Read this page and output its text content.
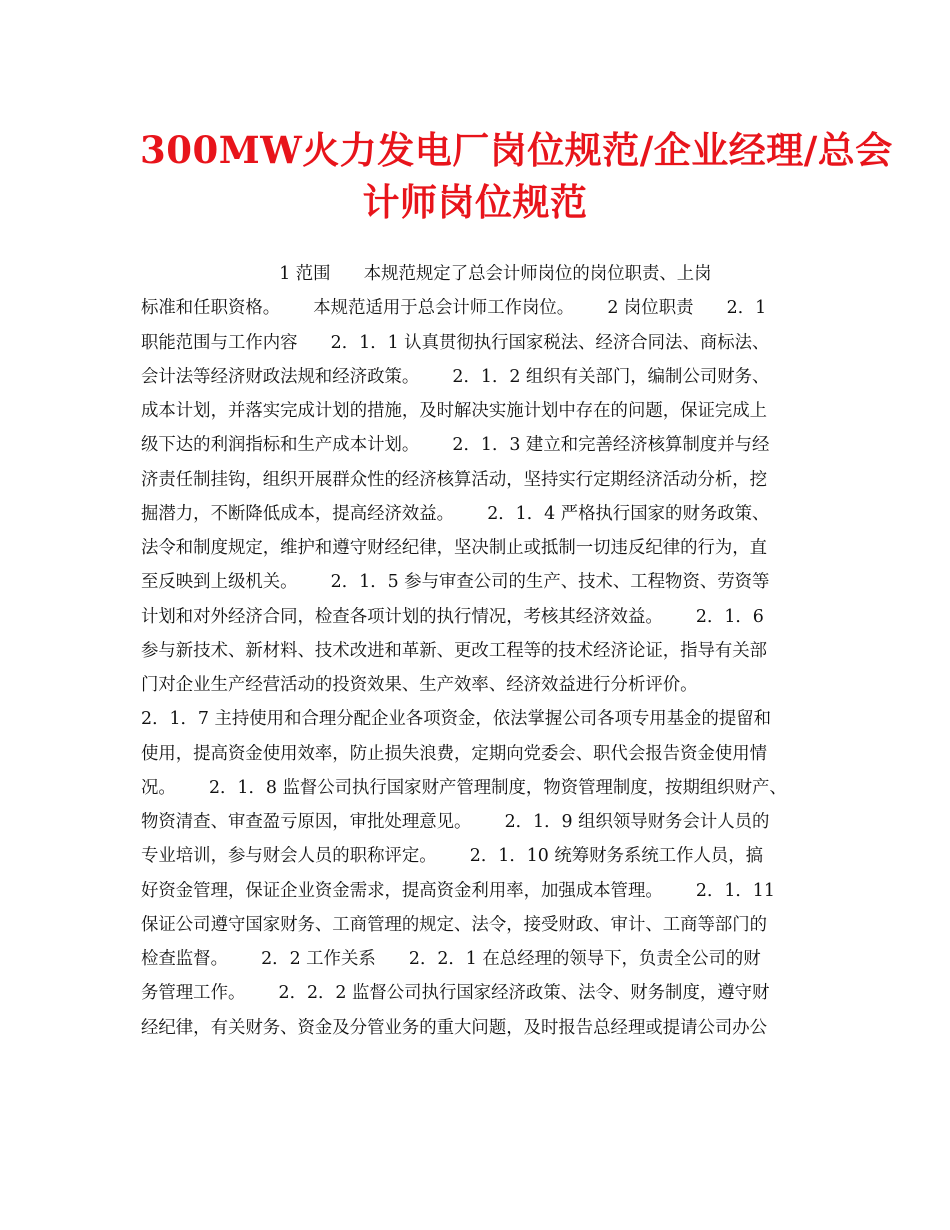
300MW火力发电厂岗位规范/企业经理/总会
计师岗位规范
1 范围      本规范规定了总会计师岗位的岗位职责、上岗
标准和任职资格。      本规范适用于总会计师工作岗位。      2 岗位职责      2．1
职能范围与工作内容      2．1．1 认真贯彻执行国家税法、经济合同法、商标法、
会计法等经济财政法规和经济政策。      2．1．2 组织有关部门，编制公司财务、
成本计划，并落实完成计划的措施，及时解决实施计划中存在的问题，保证完成上
级下达的利润指标和生产成本计划。      2．1．3 建立和完善经济核算制度并与经
济责任制挂钩，组织开展群众性的经济核算活动，坚持实行定期经济活动分析，挖
掘潜力，不断降低成本，提高经济效益。      2．1．4 严格执行国家的财务政策、
法令和制度规定，维护和遵守财经纪律，坚决制止或抵制一切违反纪律的行为，直
至反映到上级机关。      2．1．5 参与审查公司的生产、技术、工程物资、劳资等
计划和对外经济合同，检查各项计划的执行情况，考核其经济效益。      2．1．6
参与新技术、新材料、技术改进和革新、更改工程等的技术经济论证，指导有关部
门对企业生产经营活动的投资效果、生产效率、经济效益进行分析评价。
2．1．7 主持使用和合理分配企业各项资金，依法掌握公司各项专用基金的提留和
使用，提高资金使用效率，防止损失浪费，定期向党委会、职代会报告资金使用情
况。      2．1．8 监督公司执行国家财产管理制度，物资管理制度，按期组织财产、
物资清查、审查盈亏原因，审批处理意见。      2．1．9 组织领导财务会计人员的
专业培训，参与财会人员的职称评定。      2．1．10 统筹财务系统工作人员，搞
好资金管理，保证企业资金需求，提高资金利用率，加强成本管理。      2．1．11
保证公司遵守国家财务、工商管理的规定、法令，接受财政、审计、工商等部门的
检查监督。      2．2 工作关系      2．2．1 在总经理的领导下，负责全公司的财
务管理工作。      2．2．2 监督公司执行国家经济政策、法令、财务制度，遵守财
经纪律，有关财务、资金及分管业务的重大问题，及时报告总经理或提请公司办公
